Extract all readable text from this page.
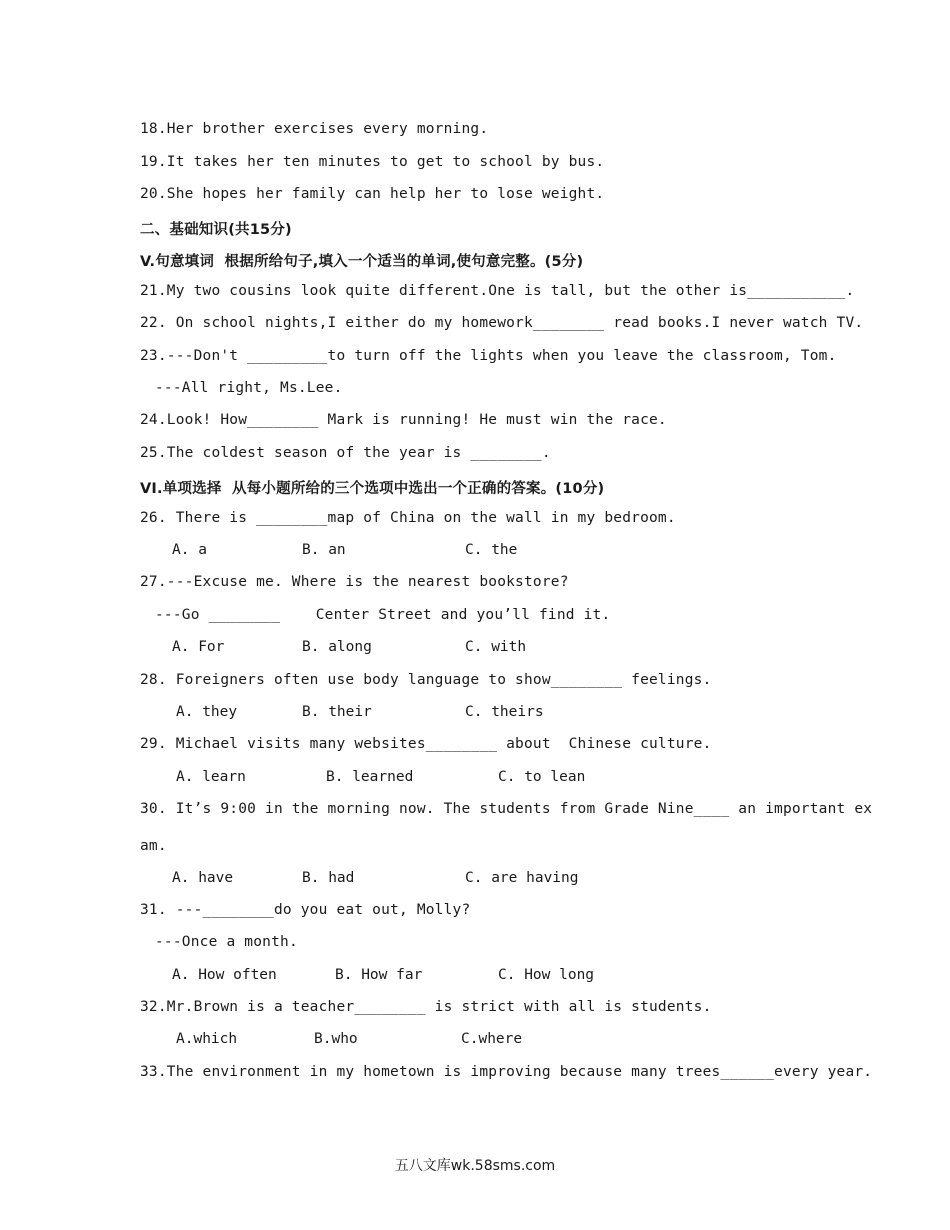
18.Her brother exercises every morning.
19.It takes her ten minutes to get to school by bus.
20.She hopes her family can help her to lose weight.
二、基础知识(共15分)
V.句意填词  根据所给句子,填入一个适当的单词,使句意完整。(5分)
21.My two cousins look quite different.One is tall, but the other is___________.
22. On school nights,I either do my homework________ read books.I never watch TV.
23.---Don't _________to turn off the lights when you leave the classroom, Tom.
---All right, Ms.Lee.
24.Look! How________ Mark is running! He must win the race.
25.The coldest season of the year is ________.
VI.单项选择  从每小题所给的三个选项中选出一个正确的答案。(10分)
26. There is ________map of China on the wall in my bedroom.
A. a	B. an	C. the
27.---Excuse me. Where is the nearest bookstore?
---Go ________    Center Street and you’ll find it.
A. For	B. along	C. with
28. Foreigners often use body language to show________ feelings.
A. they	B. their	C. theirs
29. Michael visits many websites________ about  Chinese culture.
A. learn	B. learned	C. to lean
30. It’s 9:00 in the morning now. The students from Grade Nine____ an important ex
am.
A. have	B. had	C. are having
31. ---________do you eat out, Molly?
---Once a month.
A. How often	B. How far	C. How long
32.Mr.Brown is a teacher________ is strict with all is students.
A.which	B.who	C.where
33.The environment in my hometown is improving because many trees______every year.
五八文库wk.58sms.com
